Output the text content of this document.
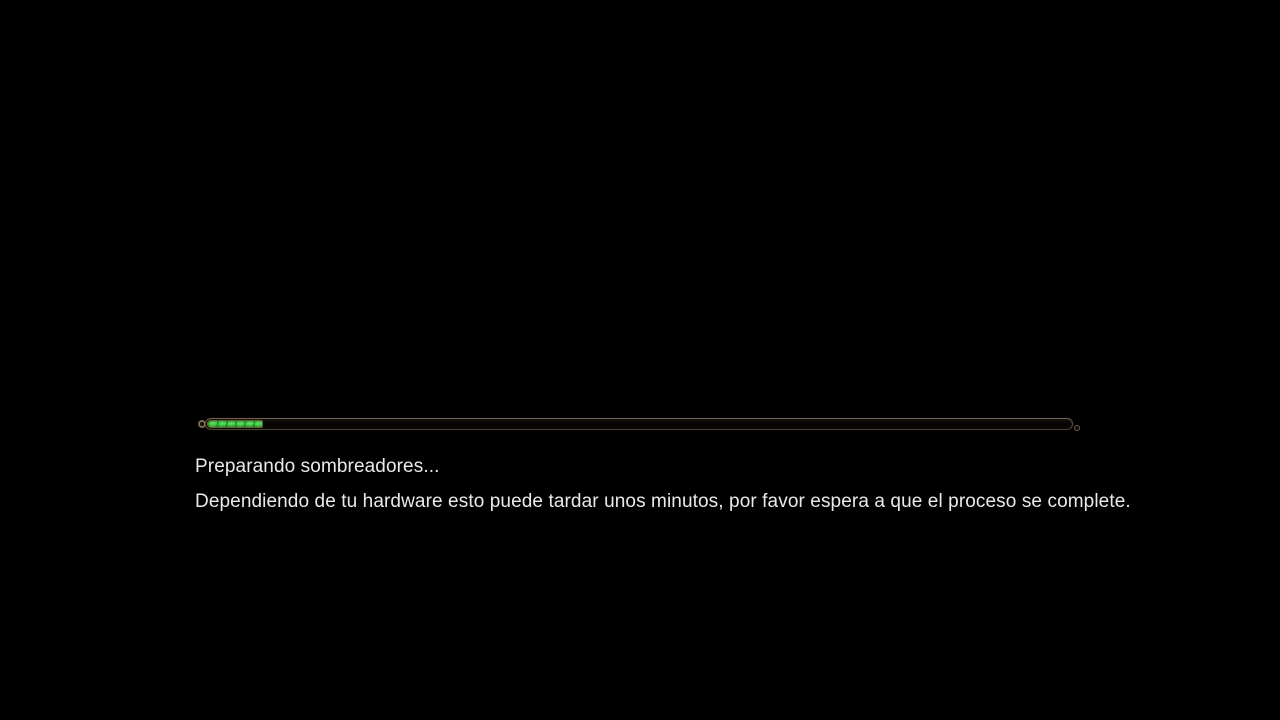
Preparando sombreadores...
Dependiendo de tu hardware esto puede tardar unos minutos, por favor espera a que el proceso se complete.
